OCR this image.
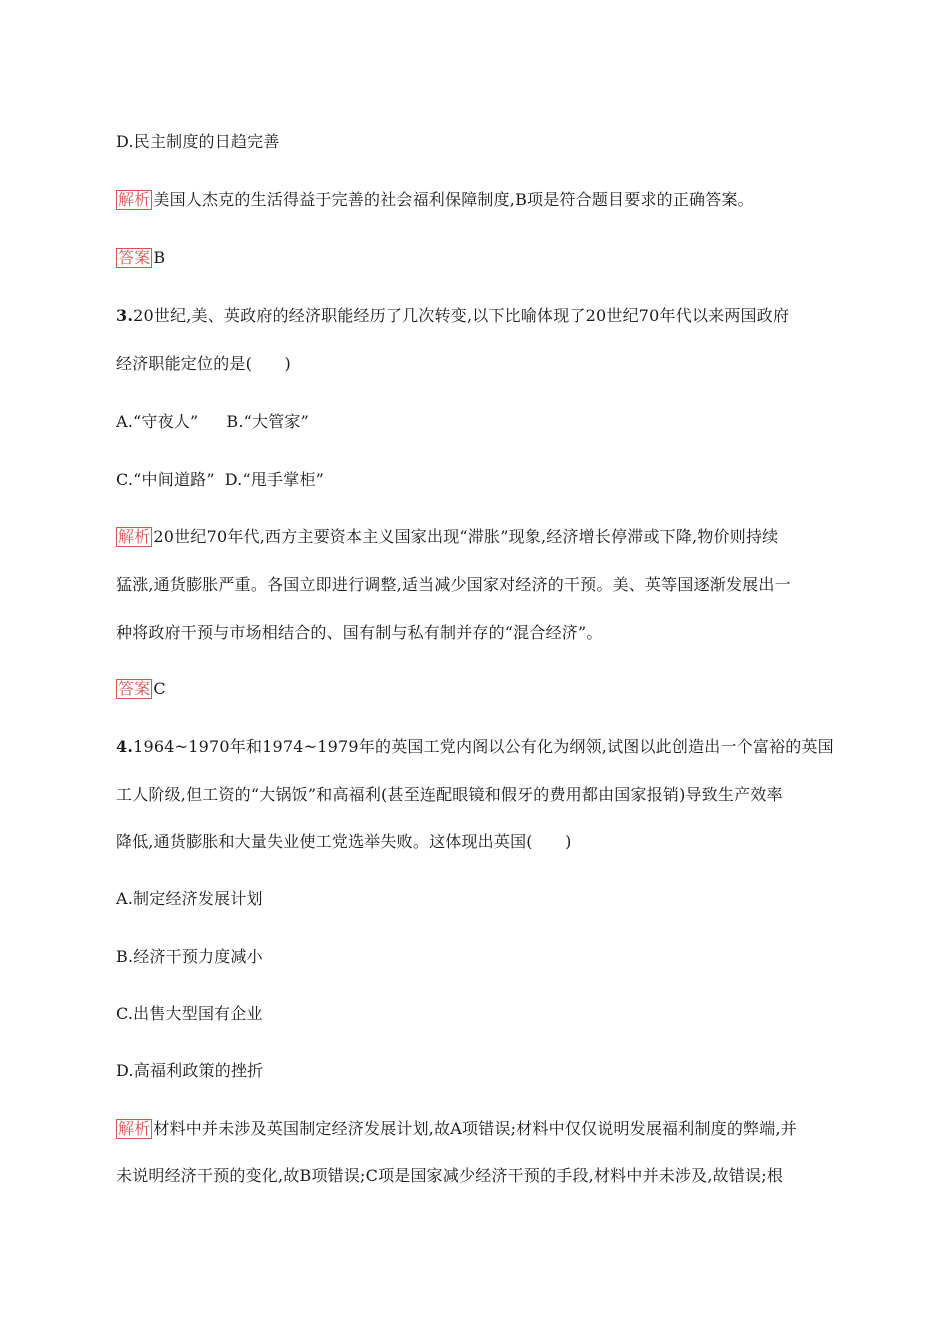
D.民主制度的日趋完善
解析 美国人杰克的生活得益于完善的社会福利保障制度,B项是符合题目要求的正确答案。
答案 B
3.20世纪,美、英政府的经济职能经历了几次转变,以下比喻体现了20世纪70年代以来两国政府
经济职能定位的是(　　)
A.“守夜人” B.“大管家”
C.“中间道路” D.“甩手掌柜”
解析 20世纪70年代,西方主要资本主义国家出现“滞胀”现象,经济增长停滞或下降,物价则持续
猛涨,通货膨胀严重。各国立即进行调整,适当减少国家对经济的干预。美、英等国逐渐发展出一
种将政府干预与市场相结合的、国有制与私有制并存的“混合经济”。
答案 C
4.1964~1970年和1974~1979年的英国工党内阁以公有化为纲领,试图以此创造出一个富裕的英国
工人阶级,但工资的“大锅饭”和高福利(甚至连配眼镜和假牙的费用都由国家报销)导致生产效率
降低,通货膨胀和大量失业使工党选举失败。这体现出英国(　　)
A.制定经济发展计划
B.经济干预力度减小
C.出售大型国有企业
D.高福利政策的挫折
解析 材料中并未涉及英国制定经济发展计划,故A项错误;材料中仅仅说明发展福利制度的弊端,并
未说明经济干预的变化,故B项错误;C项是国家减少经济干预的手段,材料中并未涉及,故错误;根
